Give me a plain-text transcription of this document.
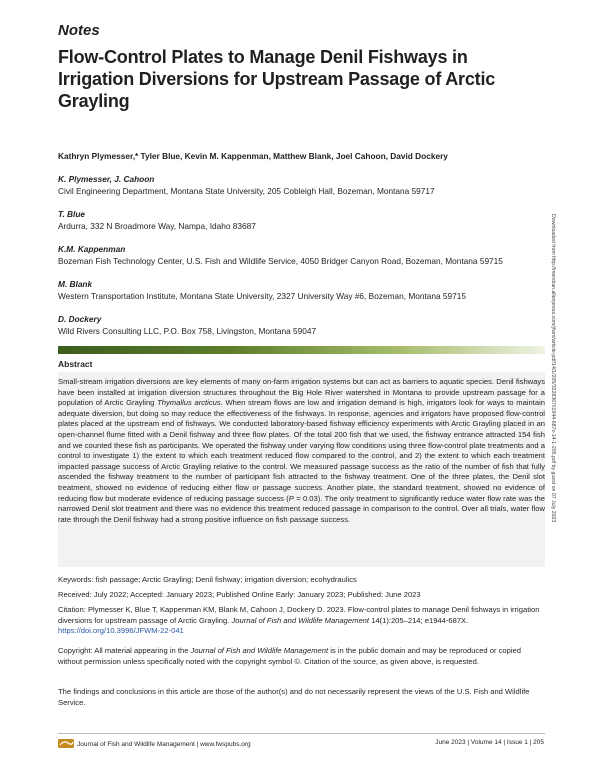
Notes
Flow-Control Plates to Manage Denil Fishways in Irrigation Diversions for Upstream Passage of Arctic Grayling
Kathryn Plymesser,* Tyler Blue, Kevin M. Kappenman, Matthew Blank, Joel Cahoon, David Dockery
K. Plymesser, J. Cahoon
Civil Engineering Department, Montana State University, 205 Cobleigh Hall, Bozeman, Montana 59717
T. Blue
Ardurra, 332 N Broadmore Way, Nampa, Idaho 83687
K.M. Kappenman
Bozeman Fish Technology Center, U.S. Fish and Wildlife Service, 4050 Bridger Canyon Road, Bozeman, Montana 59715
M. Blank
Western Transportation Institute, Montana State University, 2327 University Way #6, Bozeman, Montana 59715
D. Dockery
Wild Rivers Consulting LLC, P.O. Box 758, Livingston, Montana 59047	Downloaded from http://meridian.allenpress.com/jfwm/article-pdf/14/1/205/3228367/i1944-687x-14-1-205.pdf by guest on 07 July 2023
Abstract
Small-stream irrigation diversions are key elements of many on-farm irrigation systems but can act as barriers to aquatic species. Denil fishways have been installed at irrigation diversion structures throughout the Big Hole River watershed in Montana to provide upstream passage for a population of Arctic Grayling Thymallus arcticus. When stream flows are low and irrigation demand is high, irrigators look for ways to maintain adequate diversion, but doing so may reduce the effectiveness of the fishways. In response, agencies and irrigators have proposed flow-control plates placed at the upstream end of fishways. We conducted laboratory-based fishway efficiency experiments with Arctic Grayling placed in an open-channel flume fitted with a Denil fishway and three flow plates. Of the total 200 fish that we used, the fishway entrance attracted 154 fish and we counted these fish as participants. We operated the fishway under varying flow conditions using three flow-control plate treatments and a control to investigate 1) the extent to which each treatment reduced flow compared to the control, and 2) the extent to which each treatment impacted passage success of Arctic Grayling relative to the control. We measured passage success as the ratio of the number of fish that fully ascended the fishway treatment to the number of participant fish attracted to the fishway treatment. One of the three plates, the Denil slot treatment, showed no evidence of reducing either flow or passage success. Another plate, the standard treatment, showed no evidence of reducing flow but moderate evidence of reducing passage success (P = 0.03). The only treatment to significantly reduce water flow rate was the narrowed Denil slot treatment and there was no evidence this treatment reduced passage in comparison to the control. Over all trials, water flow rate through the Denil fishway had a strong positive influence on fish passage success.
Keywords: fish passage; Arctic Grayling; Denil fishway; irrigation diversion; ecohydraulics
Received: July 2022; Accepted: January 2023; Published Online Early: January 2023; Published: June 2023
Citation: Plymesser K, Blue T, Kappenman KM, Blank M, Cahoon J, Dockery D. 2023. Flow-control plates to manage Denil fishways in irrigation diversions for upstream passage of Arctic Grayling. Journal of Fish and Wildlife Management 14(1):205–214; e1944-687X. https://doi.org/10.3996/JFWM-22-041
Copyright: All material appearing in the Journal of Fish and Wildlife Management is in the public domain and may be reproduced or copied without permission unless specifically noted with the copyright symbol ©. Citation of the source, as given above, is requested.
The findings and conclusions in this article are those of the author(s) and do not necessarily represent the views of the U.S. Fish and Wildlife Service.
Journal of Fish and Wildlife Management | www.fwspubs.org	June 2023 | Volume 14 | Issue 1 | 205
